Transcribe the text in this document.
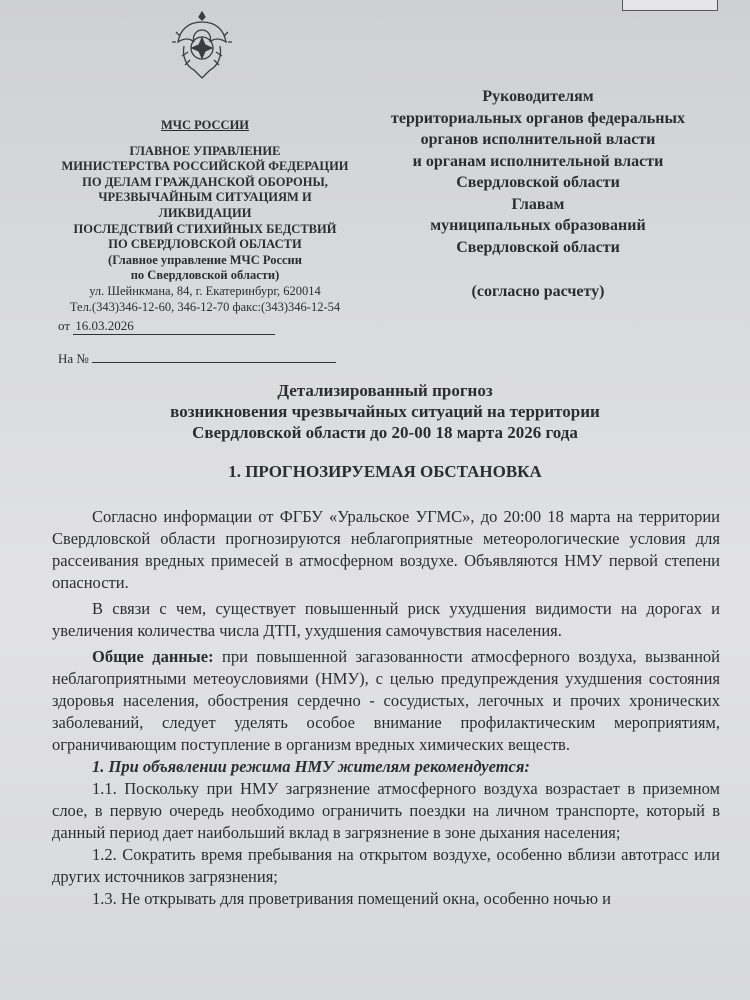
МЧС РОССИИ
ГЛАВНОЕ УПРАВЛЕНИЕ
МИНИСТЕРСТВА РОССИЙСКОЙ ФЕДЕРАЦИИ
ПО ДЕЛАМ ГРАЖДАНСКОЙ ОБОРОНЫ,
ЧРЕЗВЫЧАЙНЫМ СИТУАЦИЯМ И ЛИКВИДАЦИИ
ПОСЛЕДСТВИЙ СТИХИЙНЫХ БЕДСТВИЙ
ПО СВЕРДЛОВСКОЙ ОБЛАСТИ
(Главное управление МЧС России
по Свердловской области)
ул. Шейнкмана, 84, г. Екатеринбург, 620014
Тел.(343)346-12-60, 346-12-70 факс:(343)346-12-54
Руководителям
территориальных органов федеральных
органов исполнительной власти
и органам исполнительной власти
Свердловской области
Главам
муниципальных образований
Свердловской области
(согласно расчету)
от 16.03.2026
На №
Детализированный прогноз
возникновения чрезвычайных ситуаций на территории
Свердловской области до 20-00 18 марта 2026 года
1. ПРОГНОЗИРУЕМАЯ ОБСТАНОВКА

Согласно информации от ФГБУ «Уральское УГМС», до 20:00 18 марта на территории Свердловской области прогнозируются неблагоприятные метеорологические условия для рассеивания вредных примесей в атмосферном воздухе. Объявляются НМУ первой степени опасности.

В связи с чем, существует повышенный риск ухудшения видимости на дорогах и увеличения количества числа ДТП, ухудшения самочувствия населения.

Общие данные: при повышенной загазованности атмосферного воздуха, вызванной неблагоприятными метеоусловиями (НМУ), с целью предупреждения ухудшения состояния здоровья населения, обострения сердечно - сосудистых, легочных и прочих хронических заболеваний, следует уделять особое внимание профилактическим мероприятиям, ограничивающим поступление в организм вредных химических веществ.

1. При объявлении режима НМУ жителям рекомендуется:

1.1. Поскольку при НМУ загрязнение атмосферного воздуха возрастает в приземном слое, в первую очередь необходимо ограничить поездки на личном транспорте, который в данный период дает наибольший вклад в загрязнение в зоне дыхания населения;

1.2. Сократить время пребывания на открытом воздухе, особенно вблизи автотрасс или других источников загрязнения;

1.3. Не открывать для проветривания помещений окна, особенно ночью и
